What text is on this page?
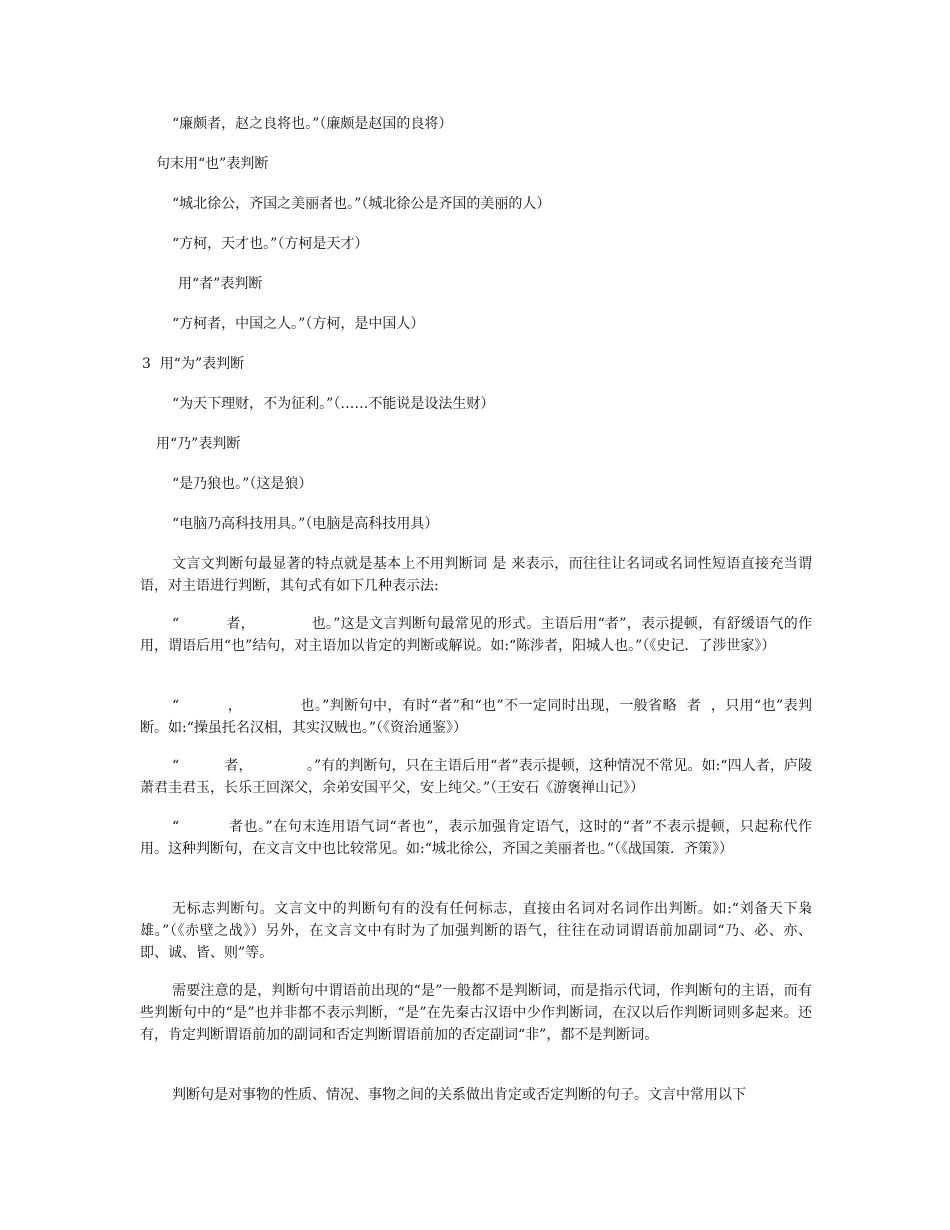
“廉颇者，赵之良将也。”（廉颇是赵国的良将）
句末用“也”表判断
“城北徐公，齐国之美丽者也。”（城北徐公是齐国的美丽的人）
“方柯，天才也。”（方柯是天才）
用“者”表判断
“方柯者，中国之人。”（方柯，是中国人）
3  用“为”表判断
“为天下理财，不为征利。”（……不能说是设法生财）
用“乃”表判断
“是乃狼也。”（这是狼）
“电脑乃高科技用具。”（电脑是高科技用具）
文言文判断句最显著的特点就是基本上不用判断词 是 来表示，而往往让名词或名词性短语直接充当谓语，对主语进行判断，其句式有如下几种表示法:
“          者，            也。”这是文言判断句最常见的形式。主语后用“者”，表示提顿，有舒缓语气的作用，谓语后用“也”结句，对主语加以肯定的判断或解说。如:“陈涉者，阳城人也。”（《史记．了涉世家》）
“          ，            也。”判断句中，有时“者”和“也”不一定同时出现，一般省略  者  ，只用“也”表判断。如:“操虽托名汉相，其实汉贼也。”（《资治通鉴》）
“          者，            。”有的判断句，只在主语后用“者”表示提顿，这种情况不常见。如:“四人者，庐陵萧君圭君玉，长乐王回深父，余弟安国平父，安上纯父。”（王安石《游褒禅山记》）
“          者也。”在句末连用语气词“者也”，表示加强肯定语气，这时的“者”不表示提顿，只起称代作用。这种判断句，在文言文中也比较常见。如:“城北徐公，齐国之美丽者也。”（《战国策．齐策》）
无标志判断句。文言文中的判断句有的没有任何标志，直接由名词对名词作出判断。如:“刘备天下枭雄。”（《赤壁之战》）另外，在文言文中有时为了加强判断的语气，往往在动词谓语前加副词“乃、必、亦、即、诚、皆、则”等。
需要注意的是，判断句中谓语前出现的“是”一般都不是判断词，而是指示代词，作判断句的主语，而有些判断句中的“是”也并非都不表示判断，“是”在先秦古汉语中少作判断词，在汉以后作判断词则多起来。还有，肯定判断谓语前加的副词和否定判断谓语前加的否定副词“非”，都不是判断词。
判断句是对事物的性质、情况、事物之间的关系做出肯定或否定判断的句子。文言中常用以下
